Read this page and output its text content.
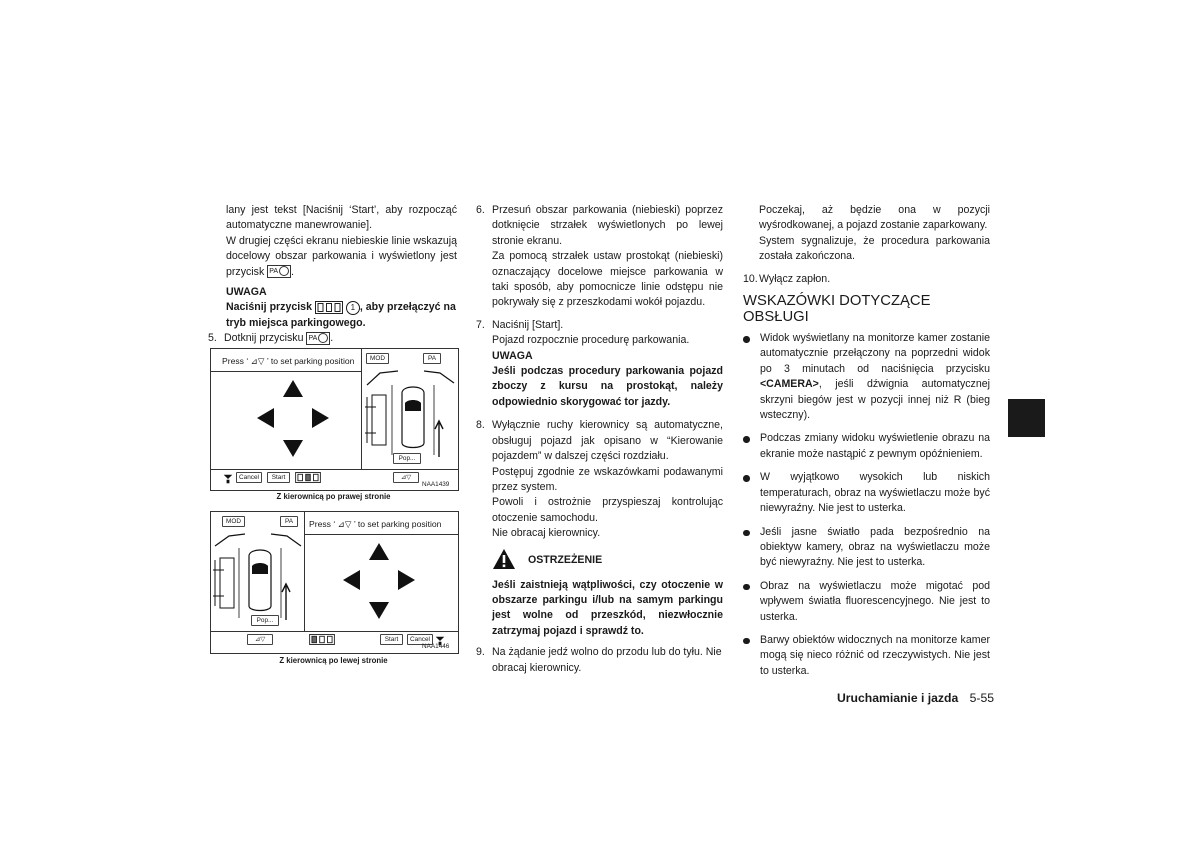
lany jest tekst [Naciśnij ‘Start’, aby rozpocząć automatyczne manewrowanie].

W drugiej części ekranu niebieskie linie wskazują docelowy obszar parkowania i wyświetlony jest przycisk PA .

UWAGA

Naciśnij przycisk	1 , aby przełączyć na tryb miejsca parkingowego.

5. Dotknij przycisku PA .
Press ‘ ⊿▽ ’ to set parking position	MOD	PA
Pop...
Cancel	Start	⊿▽
NAA1439
Z kierownicą po prawej stronie
Press ‘ ⊿▽ ’ to set parking position
MOD	PA
Pop...
⊿▽	Start	Cancel
NAA1446
Z kierownicą po lewej stronie
6. Przesuń obszar parkowania (niebieski) poprzez dotknięcie strzałek wyświetlonych po lewej stronie ekranu.

Za pomocą strzałek ustaw prostokąt (niebieski) oznaczający docelowe miejsce parkowania w taki sposób, aby pomocnicze linie odstępu nie pokrywały się z przeszkodami wokół pojazdu.

7. Naciśnij [Start].

Pojazd rozpocznie procedurę parkowania.

UWAGA

Jeśli podczas procedury parkowania pojazd zboczy z kursu na prostokąt, należy odpowiednio skorygować tor jazdy.

8. Wyłącznie ruchy kierownicy są automatyczne, obsługuj pojazd jak opisano w “Kierowanie pojazdem” w dalszej części rozdziału.

Postępuj zgodnie ze wskazówkami podawanymi przez system.

Powoli i ostrożnie przyspieszaj kontrolując otoczenie samochodu.

Nie obracaj kierownicy.

OSTRZEŻENIE

Jeśli zaistnieją wątpliwości, czy otoczenie w obszarze parkingu i/lub na samym parkingu jest wolne od przeszkód, niezwłocznie zatrzymaj pojazd i sprawdź to.

9. Na żądanie jedź wolno do przodu lub do tyłu. Nie obracaj kierownicy.

Poczekaj, aż będzie ona w pozycji wyśrodkowanej, a pojazd zostanie zaparkowany.

System sygnalizuje, że procedura parkowania została zakończona.

10. Wyłącz zapłon.

WSKAZÓWKI DOTYCZĄCE OBSŁUGI

Widok wyświetlany na monitorze kamer zostanie automatycznie przełączony na poprzedni widok po 3 minutach od naciśnięcia przycisku <CAMERA>, jeśli dźwignia automatycznej skrzyni biegów jest w pozycji innej niż R (bieg wsteczny).

Podczas zmiany widoku wyświetlenie obrazu na ekranie może nastąpić z pewnym opóźnieniem.

W wyjątkowo wysokich lub niskich temperaturach, obraz na wyświetlaczu może być niewyraźny. Nie jest to usterka.

Jeśli jasne światło pada bezpośrednio na obiektyw kamery, obraz na wyświetlaczu może być niewyraźny. Nie jest to usterka.

Obraz na wyświetlaczu może migotać pod wpływem światła fluorescencyjnego. Nie jest to usterka.

Barwy obiektów widocznych na monitorze kamer mogą się nieco różnić od rzeczywistych. Nie jest to usterka.

Uruchamianie i jazda 5-55
